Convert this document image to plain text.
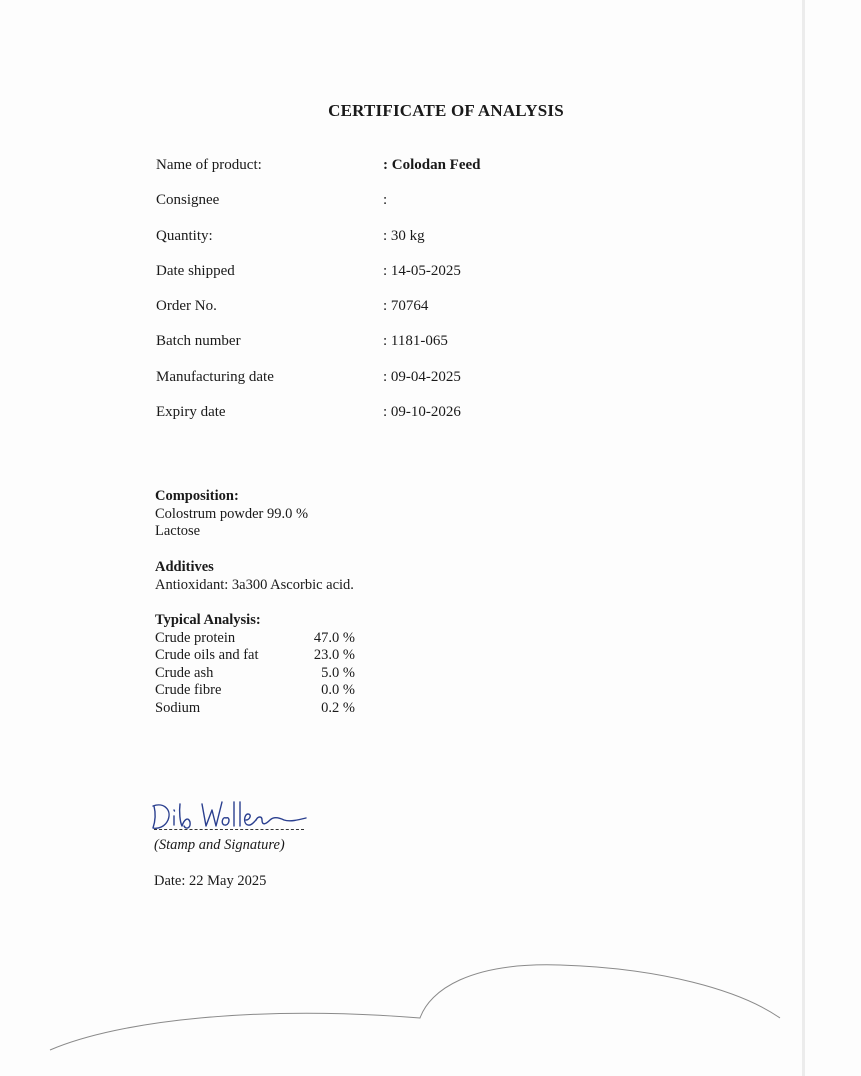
CERTIFICATE OF ANALYSIS
Name of product:	: Colodan Feed
Consignee	:
Quantity:	: 30 kg
Date shipped	: 14-05-2025
Order No.	: 70764
Batch number	: 1181-065
Manufacturing date	: 09-04-2025
Expiry date	: 09-10-2026
Composition:
Colostrum powder 99.0 %
Lactose
Additives
Antioxidant: 3a300 Ascorbic acid.
Typical Analysis:
Crude protein	47.0 %
Crude oils and fat	23.0 %
Crude ash	5.0 %
Crude fibre	0.0 %
Sodium	0.2 %
(Stamp and Signature)
Date: 22 May 2025
